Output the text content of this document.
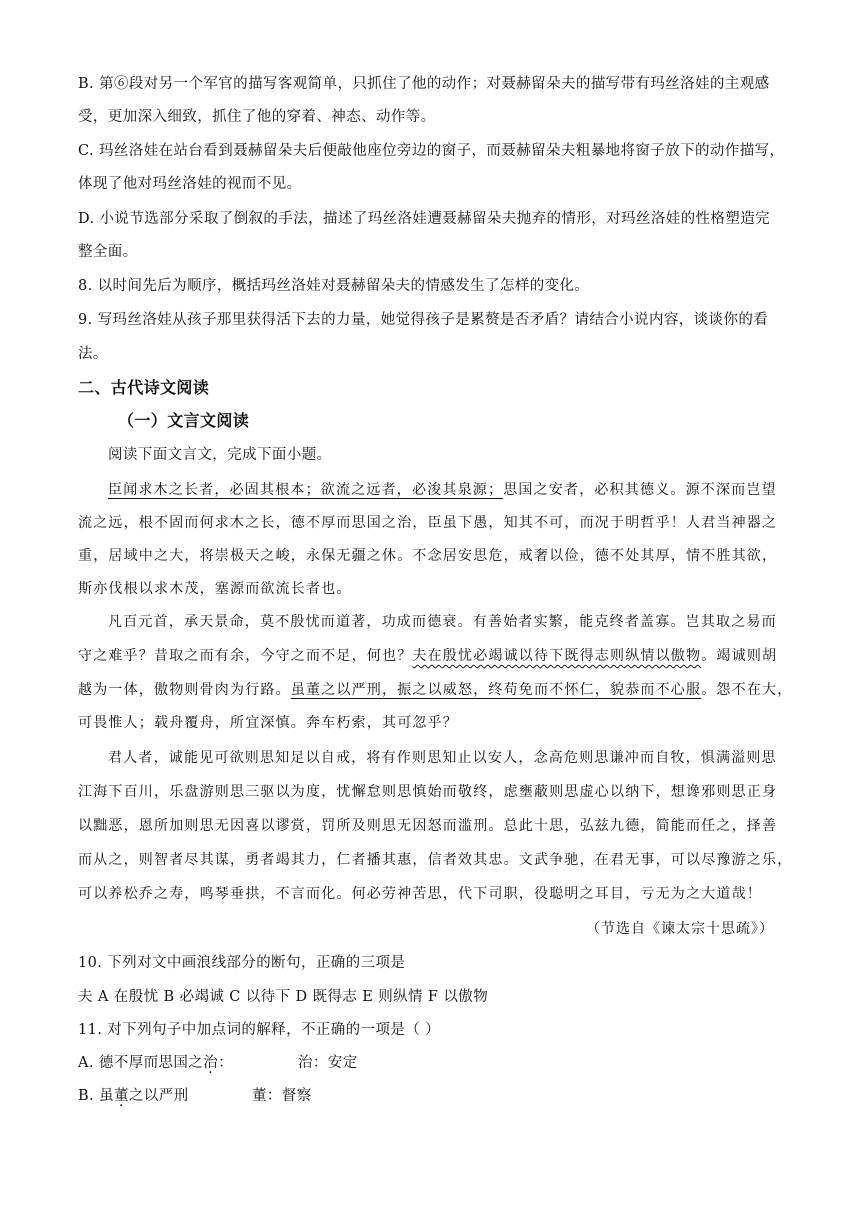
B. 第⑥段对另一个军官的描写客观简单，只抓住了他的动作；对聂赫留朵夫的描写带有玛丝洛娃的主观感
受，更加深入细致，抓住了他的穿着、神态、动作等。
C. 玛丝洛娃在站台看到聂赫留朵夫后便敲他座位旁边的窗子，而聂赫留朵夫粗暴地将窗子放下的动作描写，
体现了他对玛丝洛娃的视而不见。
D. 小说节选部分采取了倒叙的手法，描述了玛丝洛娃遭聂赫留朵夫抛弃的情形，对玛丝洛娃的性格塑造完
整全面。
8. 以时间先后为顺序，概括玛丝洛娃对聂赫留朵夫的情感发生了怎样的变化。
9. 写玛丝洛娃从孩子那里获得活下去的力量，她觉得孩子是累赘是否矛盾？请结合小说内容，谈谈你的看
法。
二、古代诗文阅读
（一）文言文阅读
阅读下面文言文，完成下面小题。
臣闻求木之长者，必固其根本；欲流之远者，必浚其泉源；思国之安者，必积其德义。源不深而岂望
流之远，根不固而何求木之长，德不厚而思国之治，臣虽下愚，知其不可，而况于明哲乎！人君当神器之
重，居域中之大，将崇极天之峻，永保无疆之休。不念居安思危，戒奢以俭，德不处其厚，情不胜其欲，
斯亦伐根以求木茂，塞源而欲流长者也。
凡百元首，承天景命，莫不殷忧而道著，功成而德衰。有善始者实繁，能克终者盖寡。岂其取之易而
守之难乎？昔取之而有余，今守之而不足，何也？夫在殷忧必竭诚以待下既得志则纵情以傲物。竭诚则胡
越为一体，傲物则骨肉为行路。虽董之以严刑，振之以威怒，终苟免而不怀仁，貌恭而不心服。怨不在大，
可畏惟人；载舟覆舟，所宜深慎。奔车朽索，其可忽乎？
君人者，诚能见可欲则思知足以自戒，将有作则思知止以安人，念高危则思谦冲而自牧，惧满溢则思
江海下百川，乐盘游则思三驱以为度，忧懈怠则思慎始而敬终，虑壅蔽则思虚心以纳下，想谗邪则思正身
以黜恶，恩所加则思无因喜以谬赏，罚所及则思无因怒而滥刑。总此十思，弘兹九德，简能而任之，择善
而从之，则智者尽其谋，勇者竭其力，仁者播其惠，信者效其忠。文武争驰，在君无事，可以尽豫游之乐，
可以养松乔之寿，鸣琴垂拱，不言而化。何必劳神苦思，代下司职，役聪明之耳目，亏无为之大道哉！
（节选自《谏太宗十思疏》）
10. 下列对文中画浪线部分的断句，正确的三项是
夫 A 在殷忧 B 必竭诚 C 以待下 D 既得志 E 则纵情 F 以傲物
11. 对下列句子中加点词的解释，不正确的一项是（ ）
A. 德不厚而思国之治：	治：安定
B. 虽董之以严刑	董：督察
